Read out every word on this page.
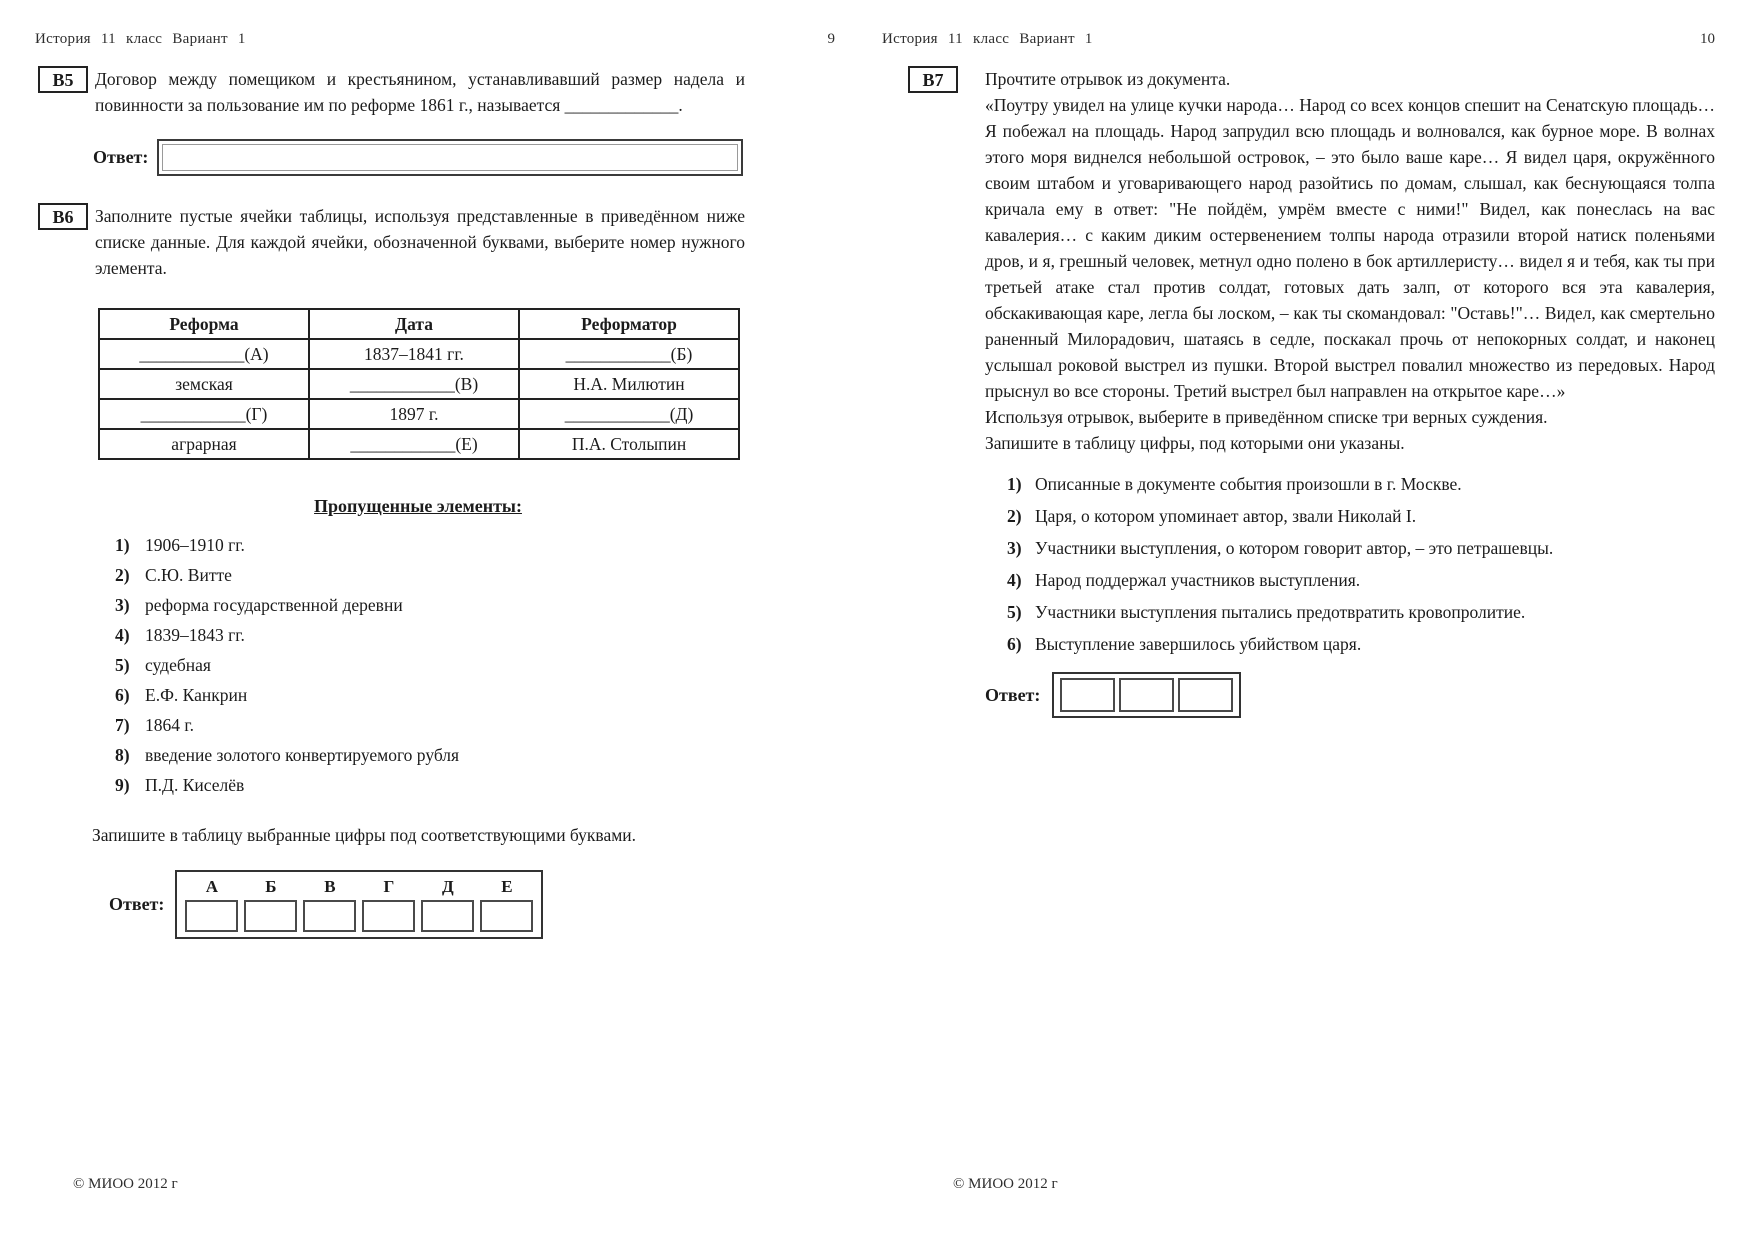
История 11 класс Вариант 1	9
В5	Договор между помещиком и крестьянином, устанавливавший размер надела и повинности за пользование им по реформе 1861 г., называется _____________.
Ответ:
В6	Заполните пустые ячейки таблицы, используя представленные в приведённом ниже списке данные. Для каждой ячейки, обозначенной буквами, выберите номер нужного элемента.
Реформа	Дата	Реформатор
____________(А)	1837–1841 гг.	____________(Б)
земская	____________(В)	Н.А. Милютин
____________(Г)	1897 г.	____________(Д)
аграрная	____________(Е)	П.А. Столыпин
Пропущенные элементы:
1) 1906–1910 гг.
2) С.Ю. Витте
3) реформа государственной деревни
4) 1839–1843 гг.
5) судебная
6) Е.Ф. Канкрин
7) 1864 г.
8) введение золотого конвертируемого рубля
9) П.Д. Киселёв
Запишите в таблицу выбранные цифры под соответствующими буквами.
Ответ:
А	Б	В	Г	Д	Е
История 11 класс Вариант 1	10
В7	Прочтите отрывок из документа.
«Поутру увидел на улице кучки народа… Народ со всех концов спешит на Сенатскую площадь… Я побежал на площадь. Народ запрудил всю площадь и волновался, как бурное море. В волнах этого моря виднелся небольшой островок, – это было ваше каре… Я видел царя, окружённого своим штабом и уговаривающего народ разойтись по домам, слышал, как беснующаяся толпа кричала ему в ответ: "Не пойдём, умрём вместе с ними!" Видел, как понеслась на вас кавалерия… с каким диким остервенением толпы народа отразили второй натиск поленьями дров, и я, грешный человек, метнул одно полено в бок артиллеристу… видел я и тебя, как ты при третьей атаке стал против солдат, готовых дать залп, от которого вся эта кавалерия, обскакивающая каре, легла бы лоском, – как ты скомандовал: "Оставь!"… Видел, как смертельно раненный Милорадович, шатаясь в седле, поскакал прочь от непокорных солдат, и наконец услышал роковой выстрел из пушки. Второй выстрел повалил множество из передовых. Народ прыснул во все стороны. Третий выстрел был направлен на открытое каре…»
Используя отрывок, выберите в приведённом списке три верных суждения.
Запишите в таблицу цифры, под которыми они указаны.
1) Описанные в документе события произошли в г. Москве.
2) Царя, о котором упоминает автор, звали Николай I.
3) Участники выступления, о котором говорит автор, – это петрашевцы.
4) Народ поддержал участников выступления.
5) Участники выступления пытались предотвратить кровопролитие.
6) Выступление завершилось убийством царя.
Ответ:
© МИОО 2012 г	© МИОО 2012 г
